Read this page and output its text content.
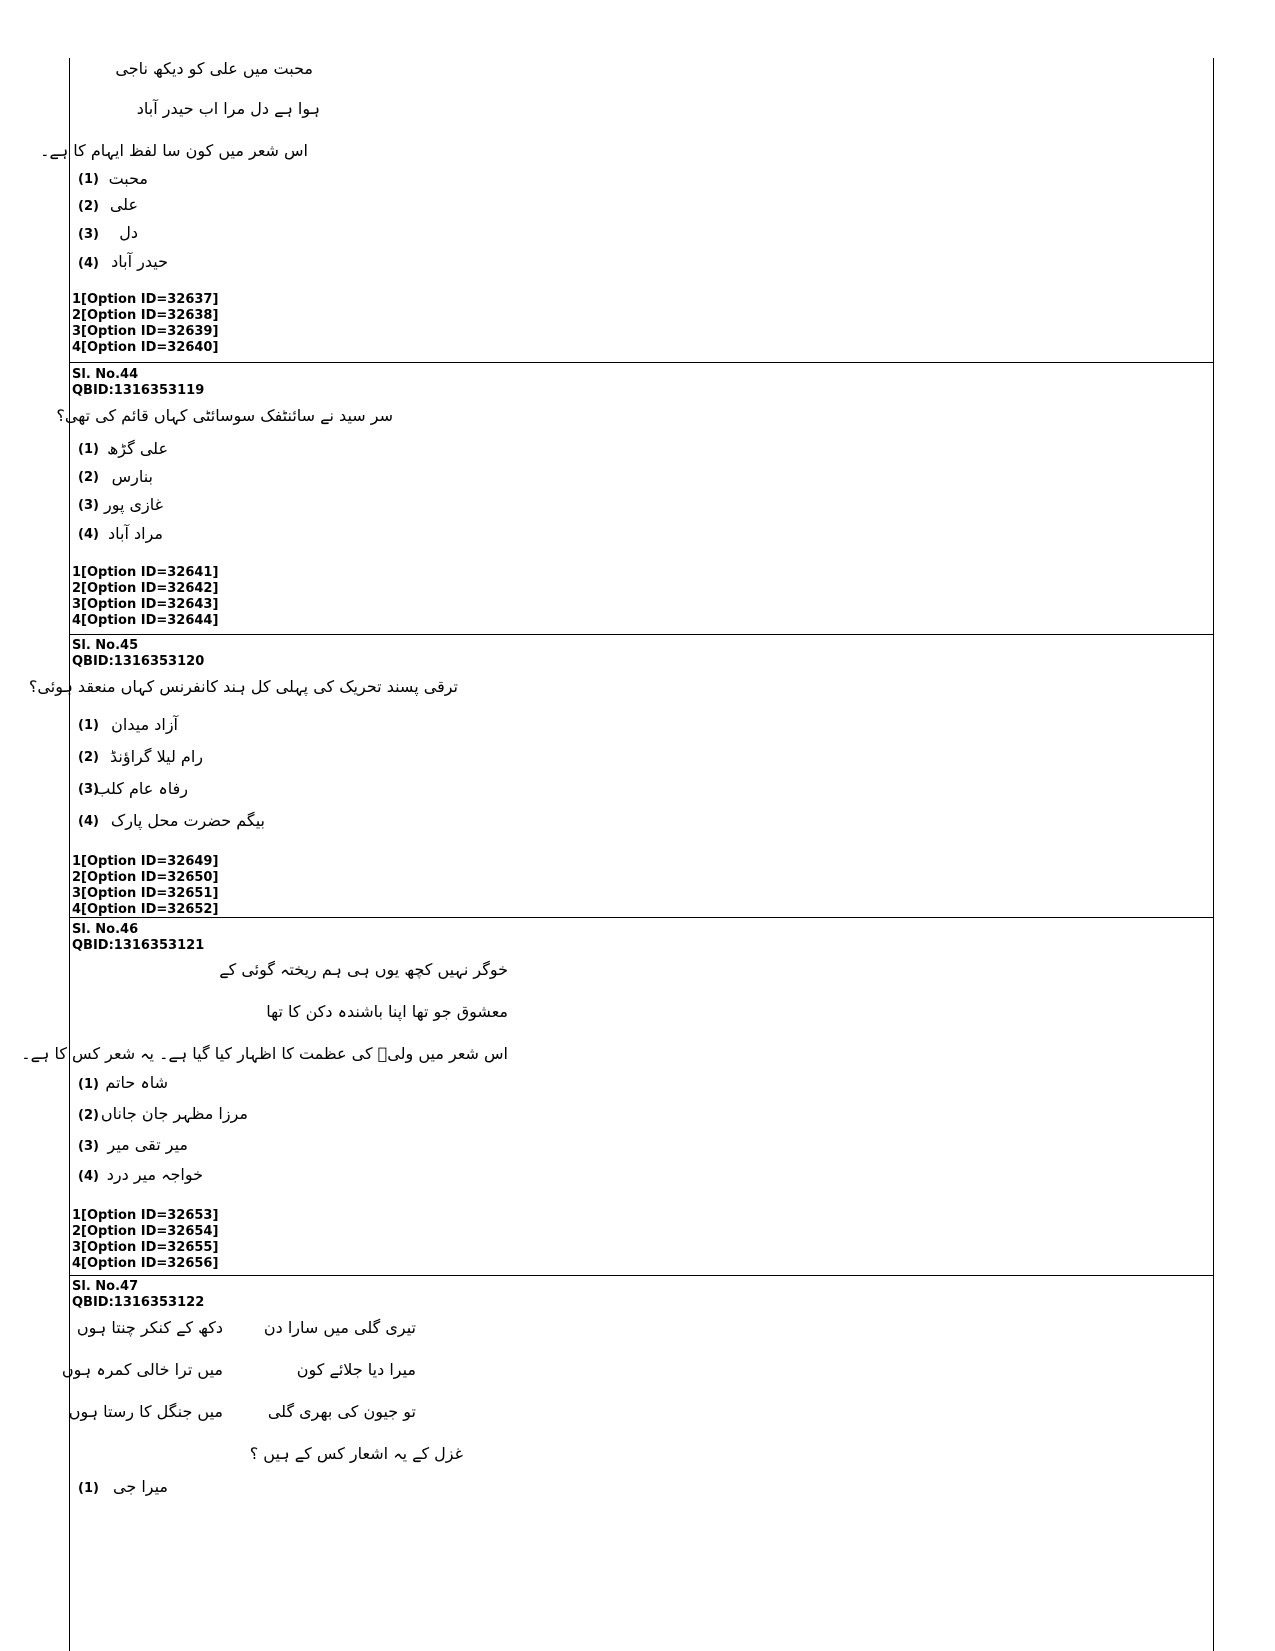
محبت میں علی کو دیکھ ناجی
ہوا ہے دل مرا اب حیدر آباد
اس شعر میں کون سا لفظ ایہام کا ہے۔
(1) محبت
(2) علی
(3) دل
(4) حیدر آباد
1[Option ID=32637]
2[Option ID=32638]
3[Option ID=32639]
4[Option ID=32640]
Sl. No.44
QBID:1316353119
سر سید نے سائنٹفک سوسائٹی کہاں قائم کی تھی؟
(1) علی گڑھ
(2) بنارس
(3) غازی پور
(4) مراد آباد
1[Option ID=32641]
2[Option ID=32642]
3[Option ID=32643]
4[Option ID=32644]
Sl. No.45
QBID:1316353120
ترقی پسند تحریک کی پہلی کل ہند کانفرنس کہاں منعقد ہوئی؟
(1) آزاد میدان
(2) رام لیلا گراؤنڈ
(3)
رفاہ عام کلب
(4) بیگم حضرت محل پارک
1[Option ID=32649]
2[Option ID=32650]
3[Option ID=32651]
4[Option ID=32652]
Sl. No.46
QBID:1316353121
خوگر نہیں کچھ یوں ہی ہم ریختہ گوئی کے
معشوق جو تھا اپنا باشندہ دکن کا تھا
اس شعر میں ولیؔ کی عظمت کا اظہار کیا گیا ہے۔ یہ شعر کس کا ہے۔
(1) شاہ حاتم
(2) مرزا مظہر جان جاناں
(3) میر تقی میر
(4) خواجہ میر درد
1[Option ID=32653]
2[Option ID=32654]
3[Option ID=32655]
4[Option ID=32656]
Sl. No.47
QBID:1316353122
تیری گلی میں سارا دن
دکھ کے کنکر چنتا ہوں
میرا دیا جلائے کون
میں ترا خالی کمرہ ہوں
تو جیون کی بھری گلی
میں جنگل کا رستا ہوں
غزل کے یہ اشعار کس کے ہیں ؟
(1) میرا جی
